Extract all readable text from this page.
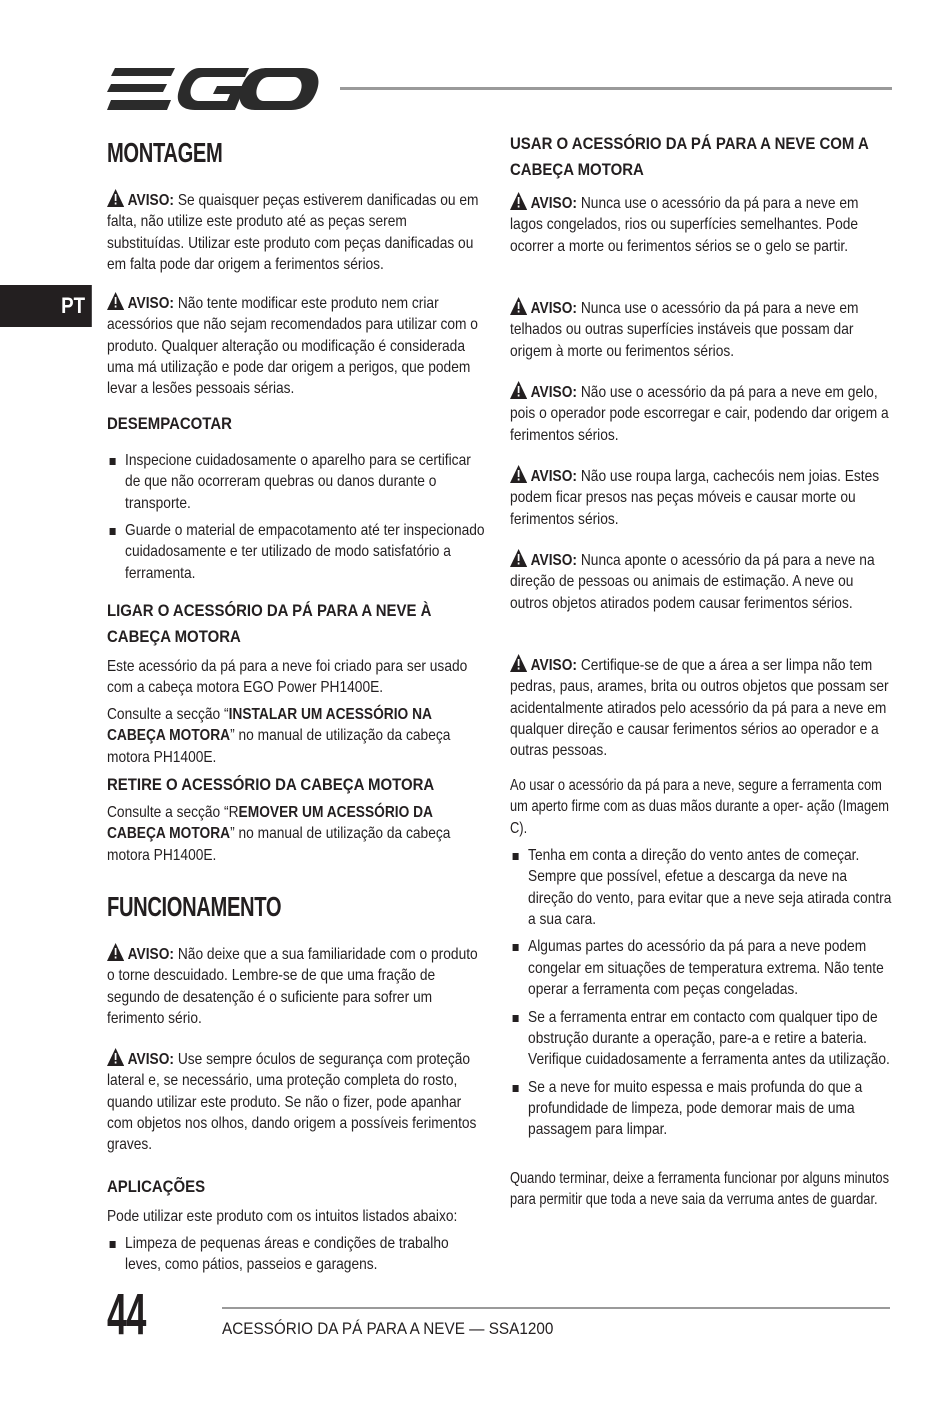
PT
MONTAGEM
AVISO: Se quaisquer peças estiverem danificadas ou em falta, não utilize este produto até as peças serem substituídas. Utilizar este produto com peças danificadas ou em falta pode dar origem a ferimentos sérios.
AVISO: Não tente modificar este produto nem criar acessórios que não sejam recomendados para utilizar com o produto. Qualquer alteração ou modificação é considerada uma má utilização e pode dar origem a perigos, que podem levar a lesões pessoais sérias.
DESEMPACOTAR
Inspecione cuidadosamente o aparelho para se certificar de que não ocorreram quebras ou danos durante o transporte.
Guarde o material de empacotamento até ter inspecionado cuidadosamente e ter utilizado de modo satisfatório a ferramenta.
LIGAR O ACESSÓRIO DA PÁ PARA A NEVE À CABEÇA MOTORA
Este acessório da pá para a neve foi criado para ser usado com a cabeça motora EGO Power PH1400E.
Consulte a secção “INSTALAR UM ACESSÓRIO NA CABEÇA MOTORA” no manual de utilização da cabeça motora PH1400E.
RETIRE O ACESSÓRIO DA CABEÇA MOTORA
Consulte a secção “REMOVER UM ACESSÓRIO DA CABEÇA MOTORA” no manual de utilização da cabeça motora PH1400E.
FUNCIONAMENTO
AVISO: Não deixe que a sua familiaridade com o produto o torne descuidado. Lembre-se de que uma fração de segundo de desatenção é o suficiente para sofrer um ferimento sério.
AVISO: Use sempre óculos de segurança com proteção lateral e, se necessário, uma proteção completa do rosto, quando utilizar este produto. Se não o fizer, pode apanhar com objetos nos olhos, dando origem a possíveis ferimentos graves.
APLICAÇÕES
Pode utilizar este produto com os intuitos listados abaixo:
Limpeza de pequenas áreas e condições de trabalho leves, como pátios, passeios e garagens.
USAR O ACESSÓRIO DA PÁ PARA A NEVE COM A CABEÇA MOTORA
AVISO: Nunca use o acessório da pá para a neve em lagos congelados, rios ou superfícies semelhantes. Pode ocorrer a morte ou ferimentos sérios se o gelo se partir.
AVISO: Nunca use o acessório da pá para a neve em telhados ou outras superfícies instáveis que possam dar origem à morte ou ferimentos sérios.
AVISO: Não use o acessório da pá para a neve em gelo, pois o operador pode escorregar e cair, podendo dar origem a ferimentos sérios.
AVISO: Não use roupa larga, cachecóis nem joias. Estes podem ficar presos nas peças móveis e causar morte ou ferimentos sérios.
AVISO: Nunca aponte o acessório da pá para a neve na direção de pessoas ou animais de estimação. A neve ou outros objetos atirados podem causar ferimentos sérios.
AVISO: Certifique-se de que a área a ser limpa não tem pedras, paus, arames, brita ou outros objetos que possam ser acidentalmente atirados pelo acessório da pá para a neve em qualquer direção e causar ferimentos sérios ao operador e a outras pessoas.
Ao usar o acessório da pá para a neve, segure a ferramenta com um aperto firme com as duas mãos durante a oper- ação (Imagem C).
Tenha em conta a direção do vento antes de começar. Sempre que possível, efetue a descarga da neve na direção do vento, para evitar que a neve seja atirada contra a sua cara.
Algumas partes do acessório da pá para a neve podem congelar em situações de temperatura extrema. Não tente operar a ferramenta com peças congeladas.
Se a ferramenta entrar em contacto com qualquer tipo de obstrução durante a operação, pare-a e retire a bateria. Verifique cuidadosamente a ferramenta antes da utilização.
Se a neve for muito espessa e mais profunda do que a profundidade de limpeza, pode demorar mais de uma passagem para limpar.
Quando terminar, deixe a ferramenta funcionar por alguns minutos para permitir que toda a neve saia da verruma antes de guardar.
44	ACESSÓRIO DA PÁ PARA A NEVE — SSA1200
